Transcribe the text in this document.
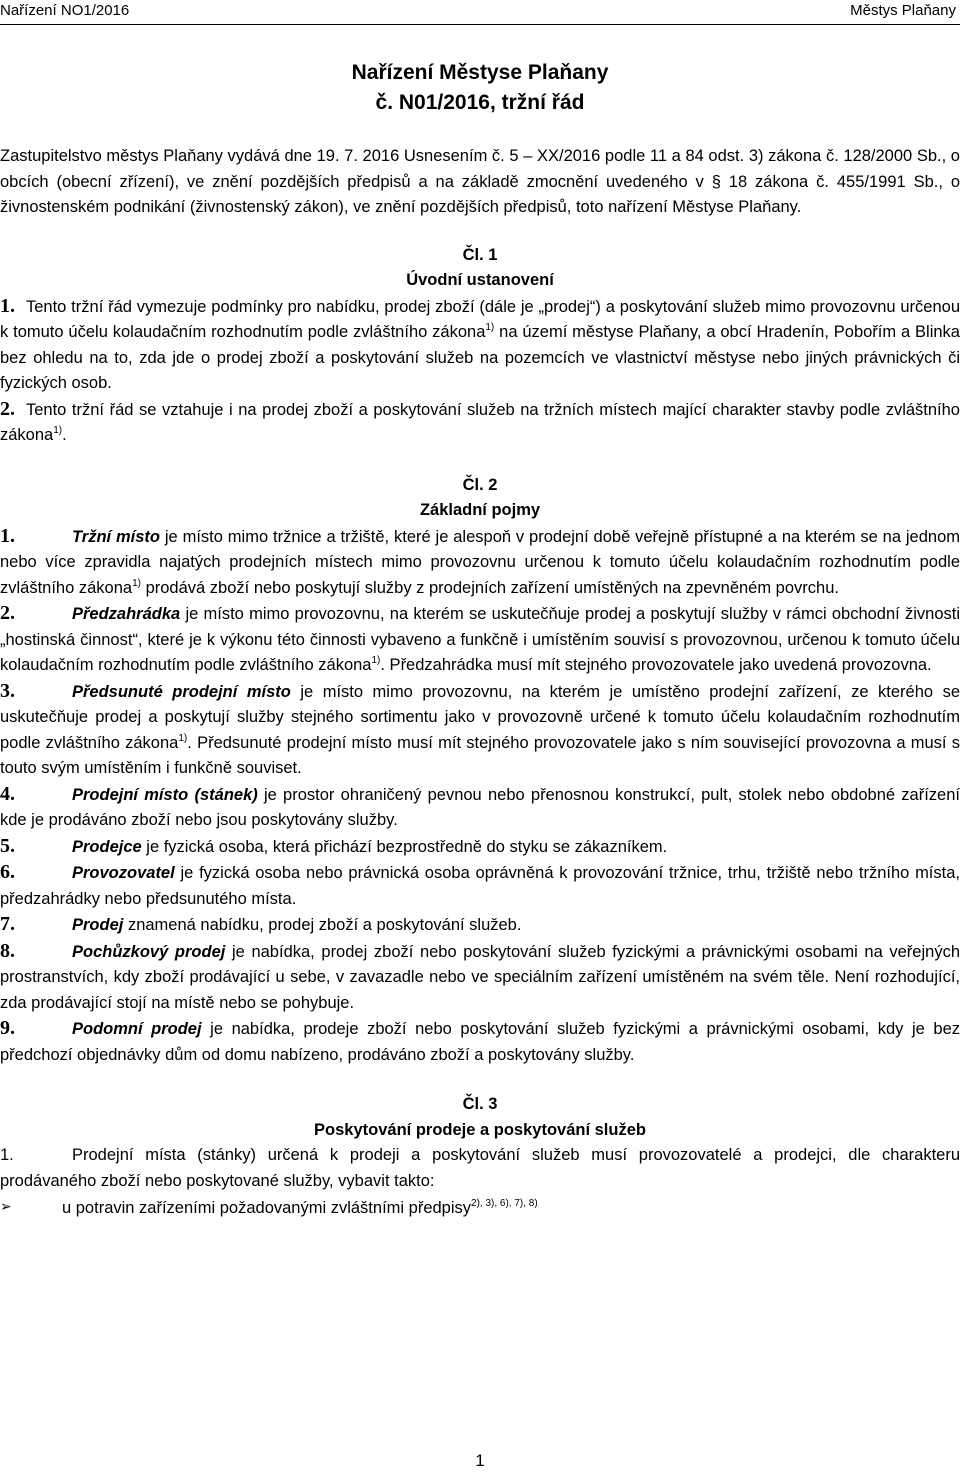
Nařízení NO1/2016	Městys Plaňany
Nařízení Městyse Plaňany
č. N01/2016, tržní řád

Zastupitelstvo městys Plaňany vydává dne 19. 7. 2016 Usnesením č. 5 – XX/2016 podle 11 a 84 odst. 3) zákona č. 128/2000 Sb., o obcích (obecní zřízení), ve znění pozdějších předpisů a na základě zmocnění uvedeného v § 18 zákona č. 455/1991 Sb., o živnostenském podnikání (živnostenský zákon), ve znění pozdějších předpisů, toto nařízení Městyse Plaňany.

Čl. 1

Úvodní ustanovení

1. Tento tržní řád vymezuje podmínky pro nabídku, prodej zboží (dále je „prodej“) a poskytování služeb mimo provozovnu určenou k tomuto účelu kolaudačním rozhodnutím podle zvláštního zákona$^{1)}$ na území městyse Plaňany, a obcí Hradenín, Pobořím a Blinka bez ohledu na to, zda jde o prodej zboží a poskytování služeb na pozemcích ve vlastnictví městyse nebo jiných právnických či fyzických osob.

2. Tento tržní řád se vztahuje i na prodej zboží a poskytování služeb na tržních místech mající charakter stavby podle zvláštního zákona$^{1)}$.

Čl. 2

Základní pojmy

1.	Tržní místo je místo mimo tržnice a tržiště, které je alespoň v prodejní době veřejně přístupné a na kterém se na jednom nebo více zpravidla najatých prodejních místech mimo provozovnu určenou k tomuto účelu kolaudačním rozhodnutím podle zvláštního zákona$^{1)}$ prodává zboží nebo poskytují služby z prodejních zařízení umístěných na zpevněném povrchu.

2.	Předzahrádka je místo mimo provozovnu, na kterém se uskutečňuje prodej a poskytují služby v rámci obchodní živnosti „hostinská činnost“, které je k výkonu této činnosti vybaveno a funkčně i umístěním souvisí s provozovnou, určenou k tomuto účelu kolaudačním rozhodnutím podle zvláštního zákona$^{1)}$. Předzahrádka musí mít stejného provozovatele jako uvedená provozovna.

3.	Předsunuté prodejní místo je místo mimo provozovnu, na kterém je umístěno prodejní zařízení, ze kterého se uskutečňuje prodej a poskytují služby stejného sortimentu jako v provozovně určené k tomuto účelu kolaudačním rozhodnutím podle zvláštního zákona$^{1)}$. Předsunuté prodejní místo musí mít stejného provozovatele jako s ním související provozovna a musí s touto svým umístěním i funkčně souviset.

4.	Prodejní místo (stánek) je prostor ohraničený pevnou nebo přenosnou konstrukcí, pult, stolek nebo obdobné zařízení kde je prodáváno zboží nebo jsou poskytovány služby.

5.	Prodejce je fyzická osoba, která přichází bezprostředně do styku se zákazníkem.

6.	Provozovatel je fyzická osoba nebo právnická osoba oprávněná k provozování tržnice, trhu, tržiště nebo tržního místa, předzahrádky nebo předsunutého místa.

7.	Prodej znamená nabídku, prodej zboží a poskytování služeb.

8.	Pochůzkový prodej je nabídka, prodej zboží nebo poskytování služeb fyzickými a právnickými osobami na veřejných prostranstvích, kdy zboží prodávající u sebe, v zavazadle nebo ve speciálním zařízení umístěném na svém těle. Není rozhodující, zda prodávající stojí na místě nebo se pohybuje.

9.	Podomní prodej je nabídka, prodeje zboží nebo poskytování služeb fyzickými a právnickými osobami, kdy je bez předchozí objednávky dům od domu nabízeno, prodáváno zboží a poskytovány služby.

Čl. 3

Poskytování prodeje a poskytování služeb

1.	Prodejní místa (stánky) určená k prodeji a poskytování služeb musí provozovatelé a prodejci, dle charakteru prodávaného zboží nebo poskytované služby, vybavit takto:

➢	u potravin zařízeními požadovanými zvláštními předpisy$^{2), 3), 6), 7), 8)}$

1
